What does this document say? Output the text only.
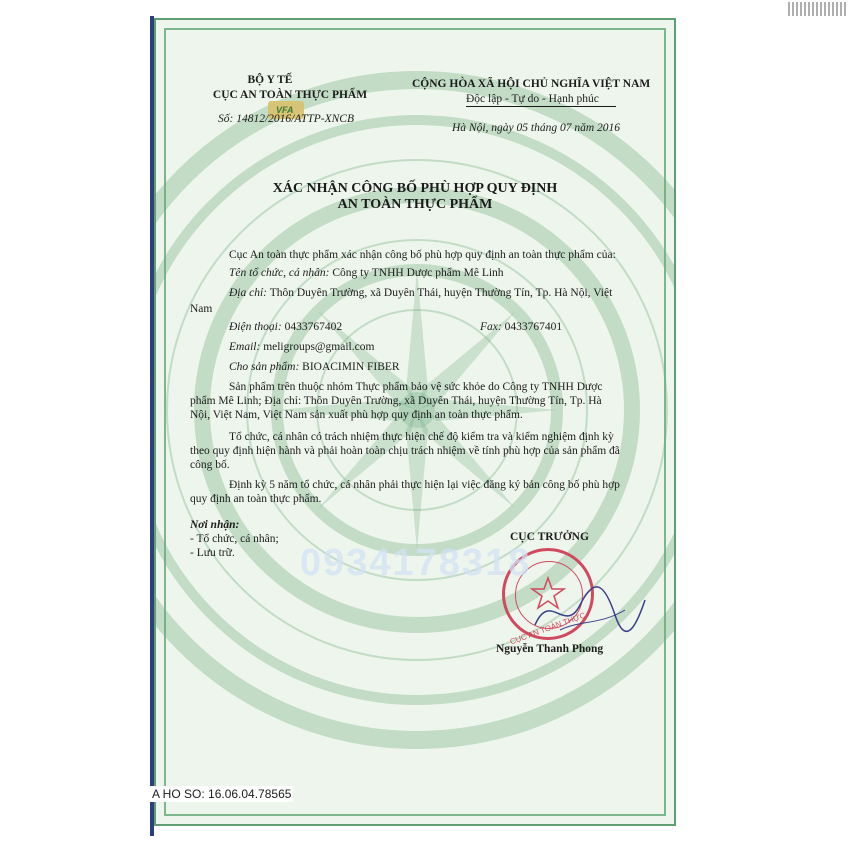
BỘ Y TẾ
CỤC AN TOÀN THỰC PHẨM
VFA
Số: 14812/2016/ATTP-XNCB
CỘNG HÒA XÃ HỘI CHỦ NGHĨA VIỆT NAM
Độc lập - Tự do - Hạnh phúc
Hà Nội, ngày 05 tháng 07 năm 2016
XÁC NHẬN CÔNG BỐ PHÙ HỢP QUY ĐỊNH
AN TOÀN THỰC PHẨM
Cục An toàn thực phẩm xác nhận công bố phù hợp quy định an toàn thực phẩm của:
Tên tổ chức, cá nhân: Công ty TNHH Dược phẩm Mê Linh
Địa chỉ: Thôn Duyên Trường, xã Duyên Thái, huyện Thường Tín, Tp. Hà Nội, Việt
Nam
Điện thoại: 0433767402	Fax: 0433767401
Email: meligroups@gmail.com
Cho sản phẩm: BIOACIMIN FIBER
Sản phẩm trên thuộc nhóm Thực phẩm bảo vệ sức khỏe do Công ty TNHH Dược
phẩm Mê Linh; Địa chỉ: Thôn Duyên Trường, xã Duyên Thái, huyện Thường Tín, Tp. Hà
Nội, Việt Nam, Việt Nam sản xuất phù hợp quy định an toàn thực phẩm.
Tổ chức, cá nhân có trách nhiệm thực hiện chế độ kiểm tra và kiểm nghiệm định kỳ
theo quy định hiện hành và phải hoàn toàn chịu trách nhiệm về tính phù hợp của sản phẩm đã
công bố.
Định kỳ 5 năm tổ chức, cá nhân phải thực hiện lại việc đăng ký bản công bố phù hợp
quy định an toàn thực phẩm.
Nơi nhận:
- Tổ chức, cá nhân;
- Lưu trữ.
CỤC TRƯỞNG
CỤC AN TOÀN THỰC
Nguyễn Thanh Phong
0934178318
A HO SO: 16.06.04.78565
